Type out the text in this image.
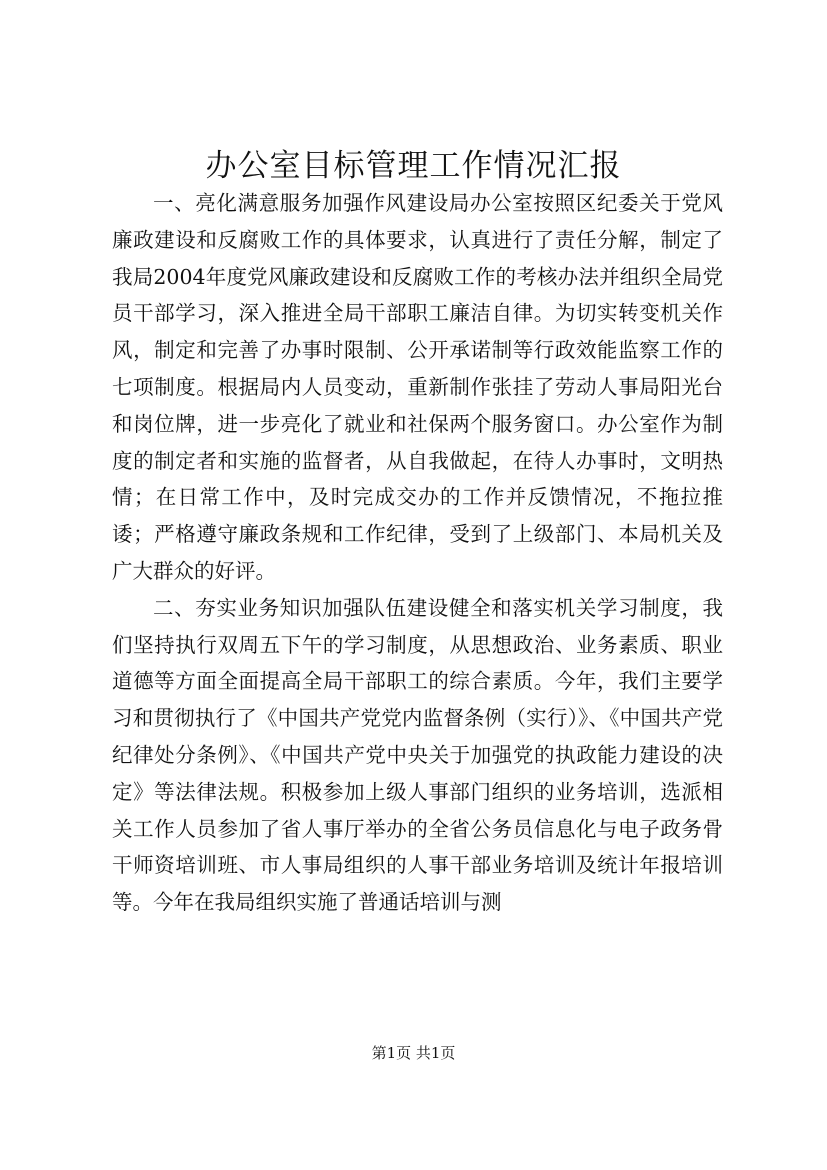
办公室目标管理工作情况汇报

一、亮化满意服务加强作风建设局办公室按照区纪委关于党风廉政建设和反腐败工作的具体要求，认真进行了责任分解，制定了我局2004年度党风廉政建设和反腐败工作的考核办法并组织全局党员干部学习，深入推进全局干部职工廉洁自律。为切实转变机关作风，制定和完善了办事时限制、公开承诺制等行政效能监察工作的七项制度。根据局内人员变动，重新制作张挂了劳动人事局阳光台和岗位牌，进一步亮化了就业和社保两个服务窗口。办公室作为制度的制定者和实施的监督者，从自我做起，在待人办事时，文明热情；在日常工作中，及时完成交办的工作并反馈情况，不拖拉推诿；严格遵守廉政条规和工作纪律，受到了上级部门、本局机关及广大群众的好评。

二、夯实业务知识加强队伍建设健全和落实机关学习制度，我们坚持执行双周五下午的学习制度，从思想政治、业务素质、职业道德等方面全面提高全局干部职工的综合素质。今年，我们主要学习和贯彻执行了《中国共产党党内监督条例（实行）》、《中国共产党纪律处分条例》、《中国共产党中央关于加强党的执政能力建设的决定》等法律法规。积极参加上级人事部门组织的业务培训，选派相关工作人员参加了省人事厅举办的全省公务员信息化与电子政务骨干师资培训班、市人事局组织的人事干部业务培训及统计年报培训等。今年在我局组织实施了普通话培训与测

第1页 共1页
